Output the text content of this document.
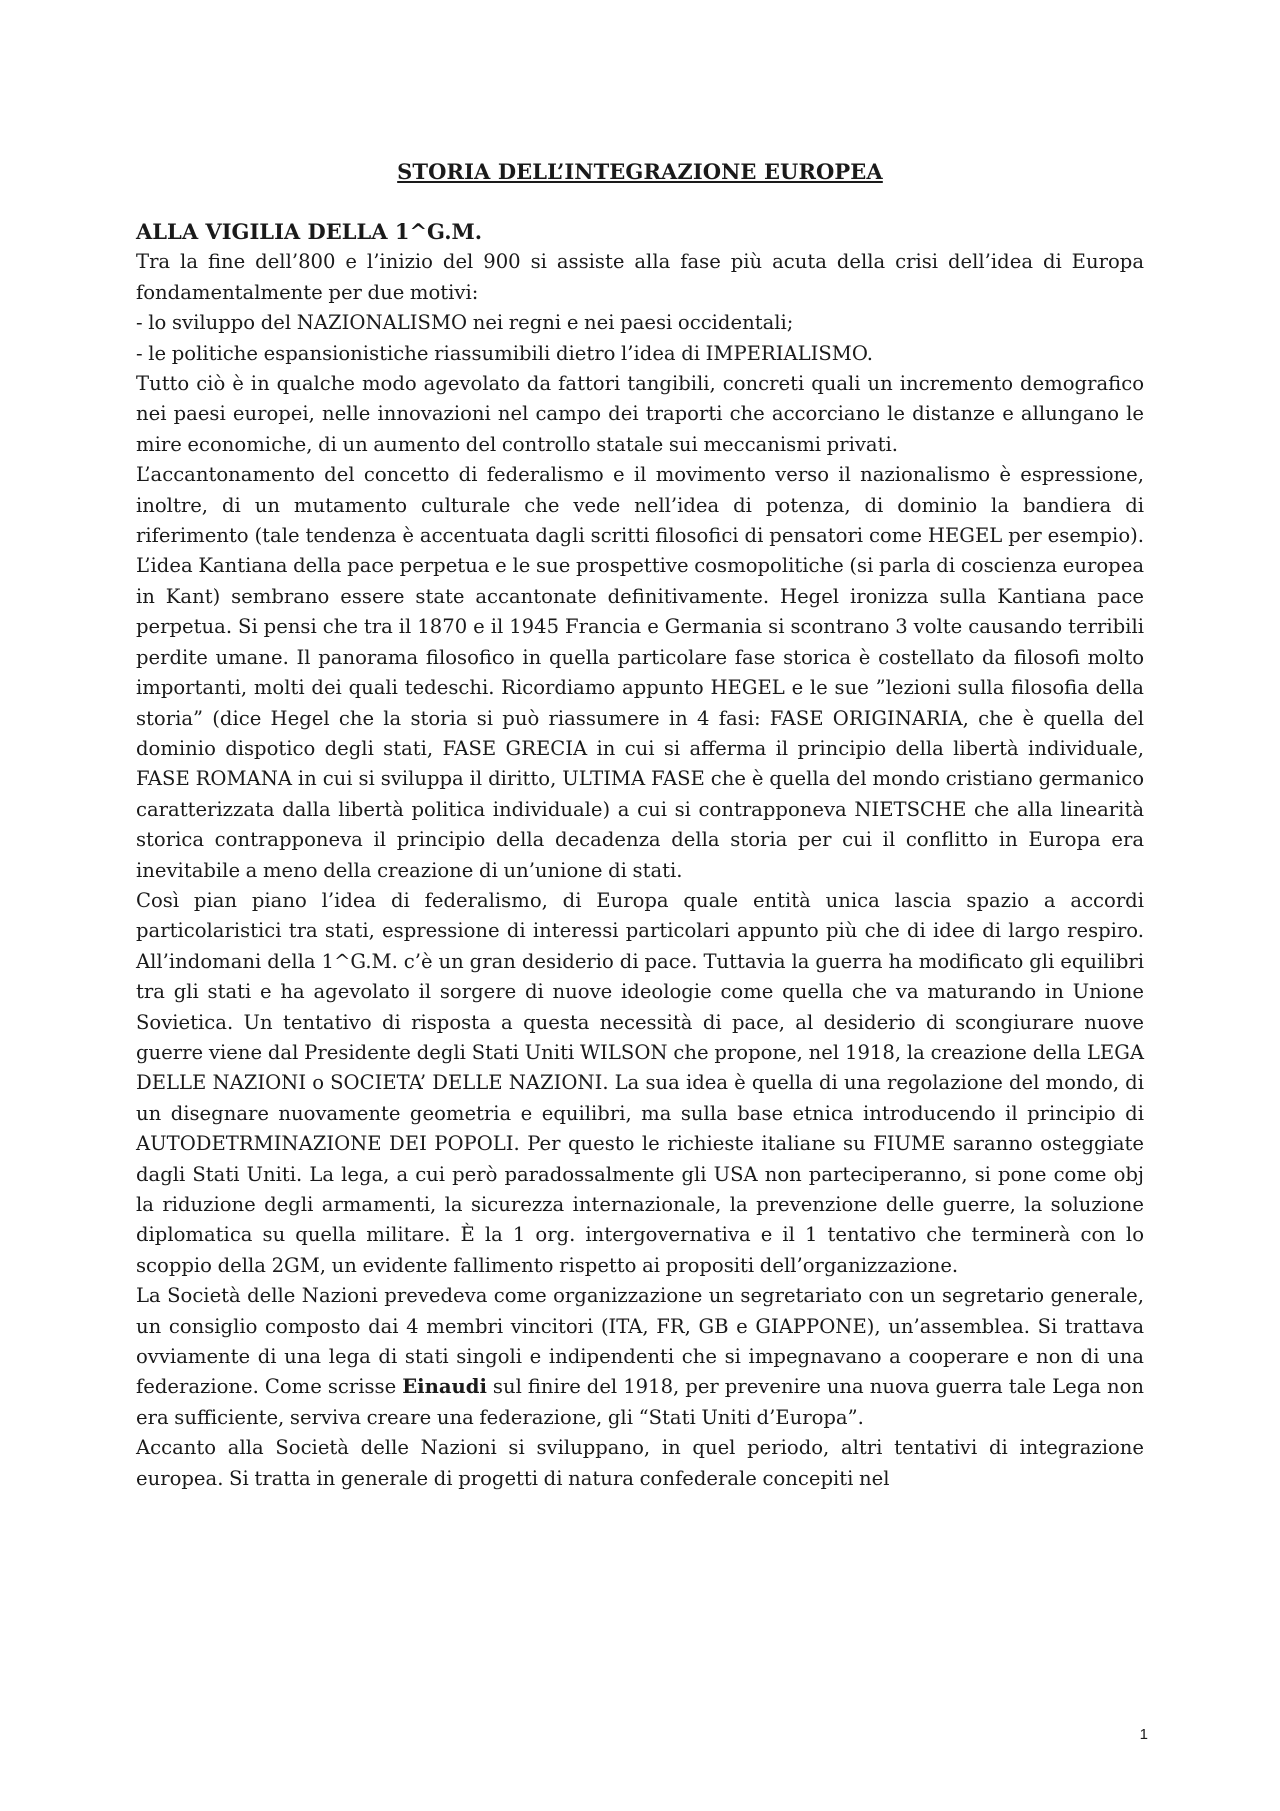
STORIA DELL’INTEGRAZIONE EUROPEA

ALLA VIGILIA DELLA 1^G.M.

Tra la fine dell’800 e l’inizio del 900 si assiste alla fase più acuta della crisi dell’idea di Europa fondamentalmente per due motivi:

- lo sviluppo del NAZIONALISMO nei regni e nei paesi occidentali;

- le politiche espansionistiche riassumibili dietro l’idea di IMPERIALISMO.

Tutto ciò è in qualche modo agevolato da fattori tangibili, concreti quali un incremento demografico nei paesi europei, nelle innovazioni nel campo dei traporti che accorciano le distanze e allungano le mire economiche, di un aumento del controllo statale sui meccanismi privati.

L’accantonamento del concetto di federalismo e il movimento verso il nazionalismo è espressione, inoltre, di un mutamento culturale che vede nell’idea di potenza, di dominio la bandiera di riferimento (tale tendenza è accentuata dagli scritti filosofici di pensatori come HEGEL per esempio). L’idea Kantiana della pace perpetua e le sue prospettive cosmopolitiche (si parla di coscienza europea in Kant) sembrano essere state accantonate definitivamente. Hegel ironizza sulla Kantiana pace perpetua. Si pensi che tra il 1870 e il 1945 Francia e Germania si scontrano 3 volte causando terribili perdite umane. Il panorama filosofico in quella particolare fase storica è costellato da filosofi molto importanti, molti dei quali tedeschi. Ricordiamo appunto HEGEL e le sue ”lezioni sulla filosofia della storia” (dice Hegel che la storia si può riassumere in 4 fasi: FASE ORIGINARIA, che è quella del dominio dispotico degli stati, FASE GRECIA in cui si afferma il principio della libertà individuale, FASE ROMANA in cui si sviluppa il diritto, ULTIMA FASE che è quella del mondo cristiano germanico caratterizzata dalla libertà politica individuale) a cui si contrapponeva NIETSCHE che alla linearità storica contrapponeva il principio della decadenza della storia per cui il conflitto in Europa era inevitabile a meno della creazione di un’unione di stati.

Così pian piano l’idea di federalismo, di Europa quale entità unica lascia spazio a accordi particolaristici tra stati, espressione di interessi particolari appunto più che di idee di largo respiro. All’indomani della 1^G.M. c’è un gran desiderio di pace. Tuttavia la guerra ha modificato gli equilibri tra gli stati e ha agevolato il sorgere di nuove ideologie come quella che va maturando in Unione Sovietica. Un tentativo di risposta a questa necessità di pace, al desiderio di scongiurare nuove guerre viene dal Presidente degli Stati Uniti WILSON che propone, nel 1918, la creazione della LEGA DELLE NAZIONI o SOCIETA’ DELLE NAZIONI. La sua idea è quella di una regolazione del mondo, di un disegnare nuovamente geometria e equilibri, ma sulla base etnica introducendo il principio di AUTODETRMINAZIONE DEI POPOLI. Per questo le richieste italiane su FIUME saranno osteggiate dagli Stati Uniti. La lega, a cui però paradossalmente gli USA non parteciperanno, si pone come obj la riduzione degli armamenti, la sicurezza internazionale, la prevenzione delle guerre, la soluzione diplomatica su quella militare. È la 1 org. intergovernativa e il 1 tentativo che terminerà con lo scoppio della 2GM, un evidente fallimento rispetto ai propositi dell’organizzazione.

La Società delle Nazioni prevedeva come organizzazione un segretariato con un segretario generale, un consiglio composto dai 4 membri vincitori (ITA, FR, GB e GIAPPONE), un’assemblea. Si trattava ovviamente di una lega di stati singoli e indipendenti che si impegnavano a cooperare e non di una federazione. Come scrisse Einaudi sul finire del 1918, per prevenire una nuova guerra tale Lega non era sufficiente, serviva creare una federazione, gli “Stati Uniti d’Europa”.

Accanto alla Società delle Nazioni si sviluppano, in quel periodo, altri tentativi di integrazione europea. Si tratta in generale di progetti di natura confederale concepiti nel

1
